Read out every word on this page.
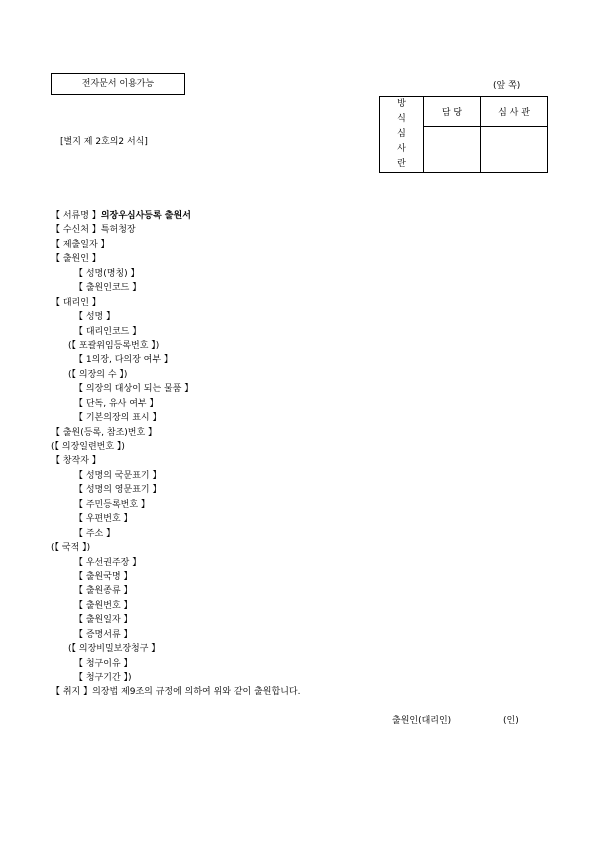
전자문서 이용가능	(앞 쪽)
[별지 제 2호의2 서식]
방
식
심
사
란	담 당	심 사 관

【 서류명 】의장우심사등록 출원서
【 수신처 】특허청장
【 제출일자 】
【 출원인 】
【 성명(명칭) 】
【 출원인코드 】
【 대리인 】
【 성명 】
【 대리인코드 】
(【 포괄위임등록번호 】)
【 1의장, 다의장 여부 】
(【 의장의 수 】)
【 의장의 대상이 되는 물품 】
【 단독, 유사 여부 】
【 기본의장의 표시 】
【 출원(등록, 참조)번호 】
(【 의장일련번호 】)
【 창작자 】
【 성명의 국문표기 】
【 성명의 영문표기 】
【 주민등록번호 】
【 우편번호 】
【 주소 】
(【 국적 】)
【 우선권주장 】
【 출원국명 】
【 출원종류 】
【 출원번호 】
【 출원일자 】
【 증명서류 】
(【 의장비밀보장청구 】
【 청구이유 】
【 청구기간 】)
【 취지 】의장법 제9조의 규정에 의하여 위와 같이 출원합니다.
출원인(대리인)	(인)
